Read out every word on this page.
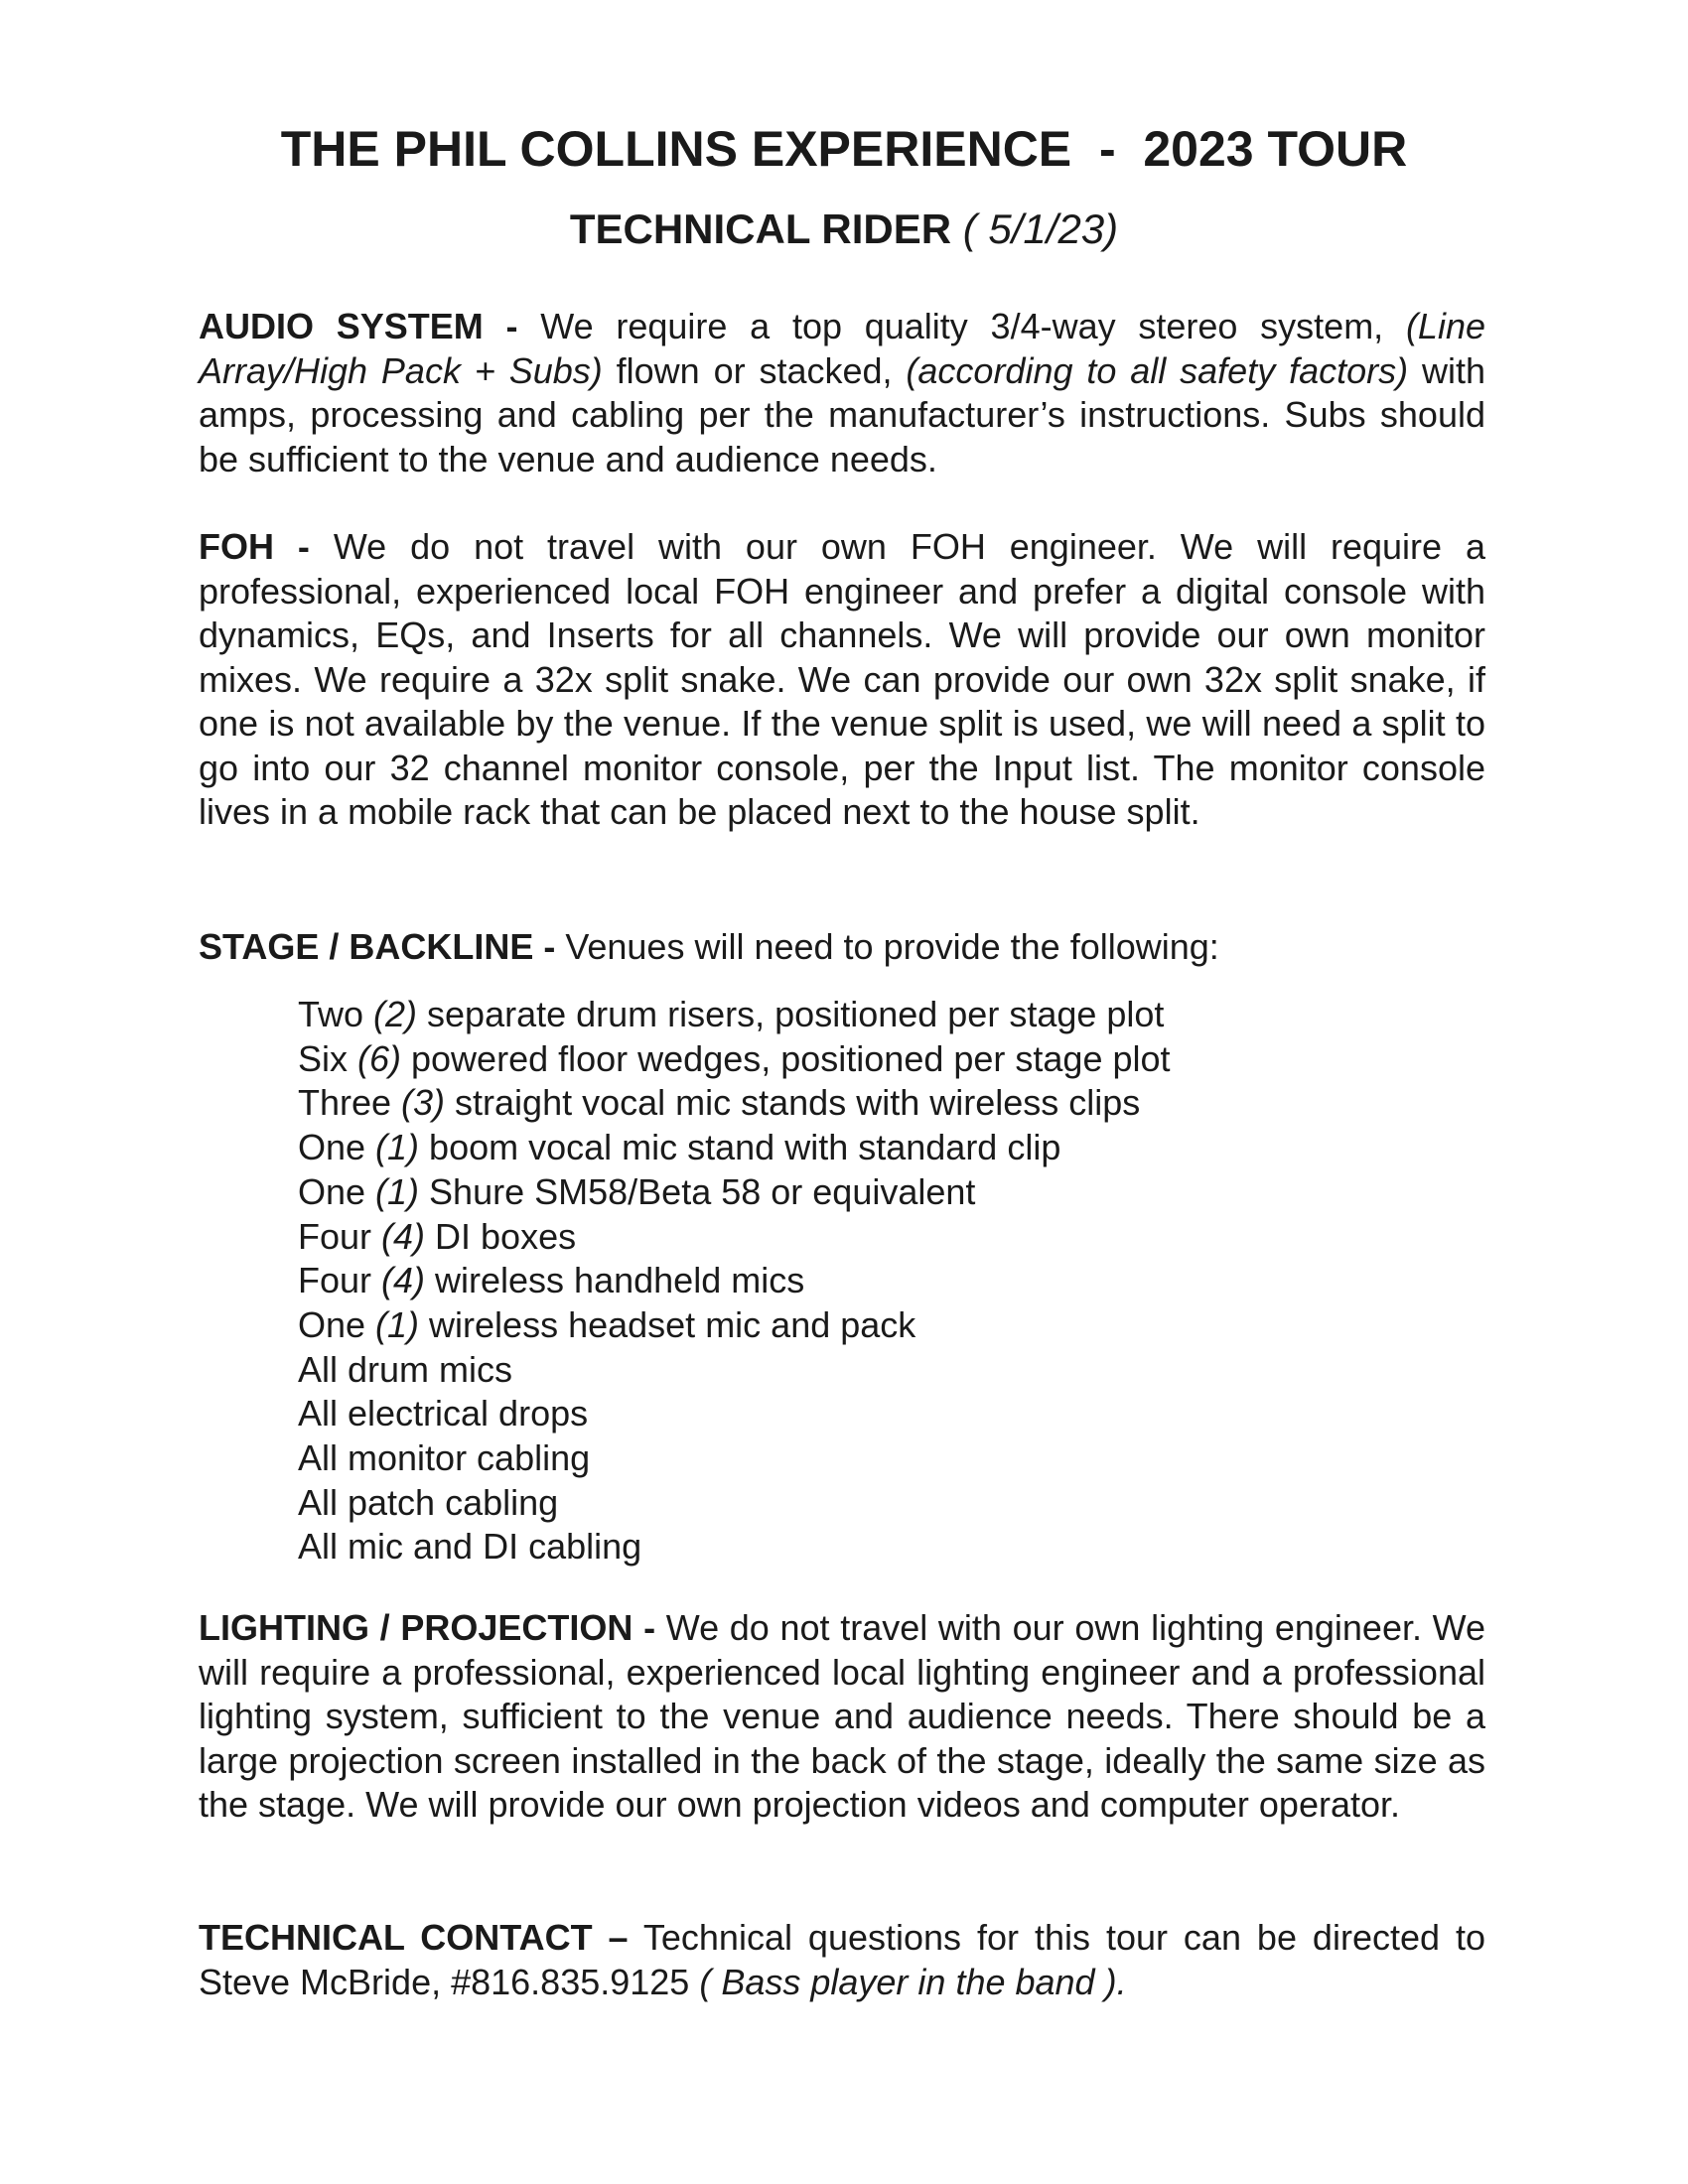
THE PHIL COLLINS EXPERIENCE  -  2023 TOUR
TECHNICAL RIDER ( 5/1/23)

AUDIO SYSTEM - We require a top quality 3/4-way stereo system, (Line Array/High Pack + Subs) flown or stacked, (according to all safety factors) with amps, processing and cabling per the manufacturer’s instructions. Subs should be sufficient to the venue and audience needs.

FOH - We do not travel with our own FOH engineer. We will require a professional, experienced local FOH engineer and prefer a digital console with dynamics, EQs, and Inserts for all channels. We will provide our own monitor mixes. We require a 32x split snake. We can provide our own 32x split snake, if one is not available by the venue. If the venue split is used, we will need a split to go into our 32 channel monitor console, per the Input list. The monitor console lives in a mobile rack that can be placed next to the house split.

STAGE / BACKLINE - Venues will need to provide the following:

Two (2) separate drum risers, positioned per stage plot
Six (6) powered floor wedges, positioned per stage plot
Three (3) straight vocal mic stands with wireless clips
One (1) boom vocal mic stand with standard clip
One (1) Shure SM58/Beta 58 or equivalent
Four (4) DI boxes
Four (4) wireless handheld mics
One (1) wireless headset mic and pack
All drum mics
All electrical drops
All monitor cabling
All patch cabling
All mic and DI cabling

LIGHTING / PROJECTION - We do not travel with our own lighting engineer. We will require a professional, experienced local lighting engineer and a professional lighting system, sufficient to the venue and audience needs. There should be a large projection screen installed in the back of the stage, ideally the same size as the stage. We will provide our own projection videos and computer operator.

TECHNICAL CONTACT – Technical questions for this tour can be directed to Steve McBride, #816.835.9125 ( Bass player in the band ).
